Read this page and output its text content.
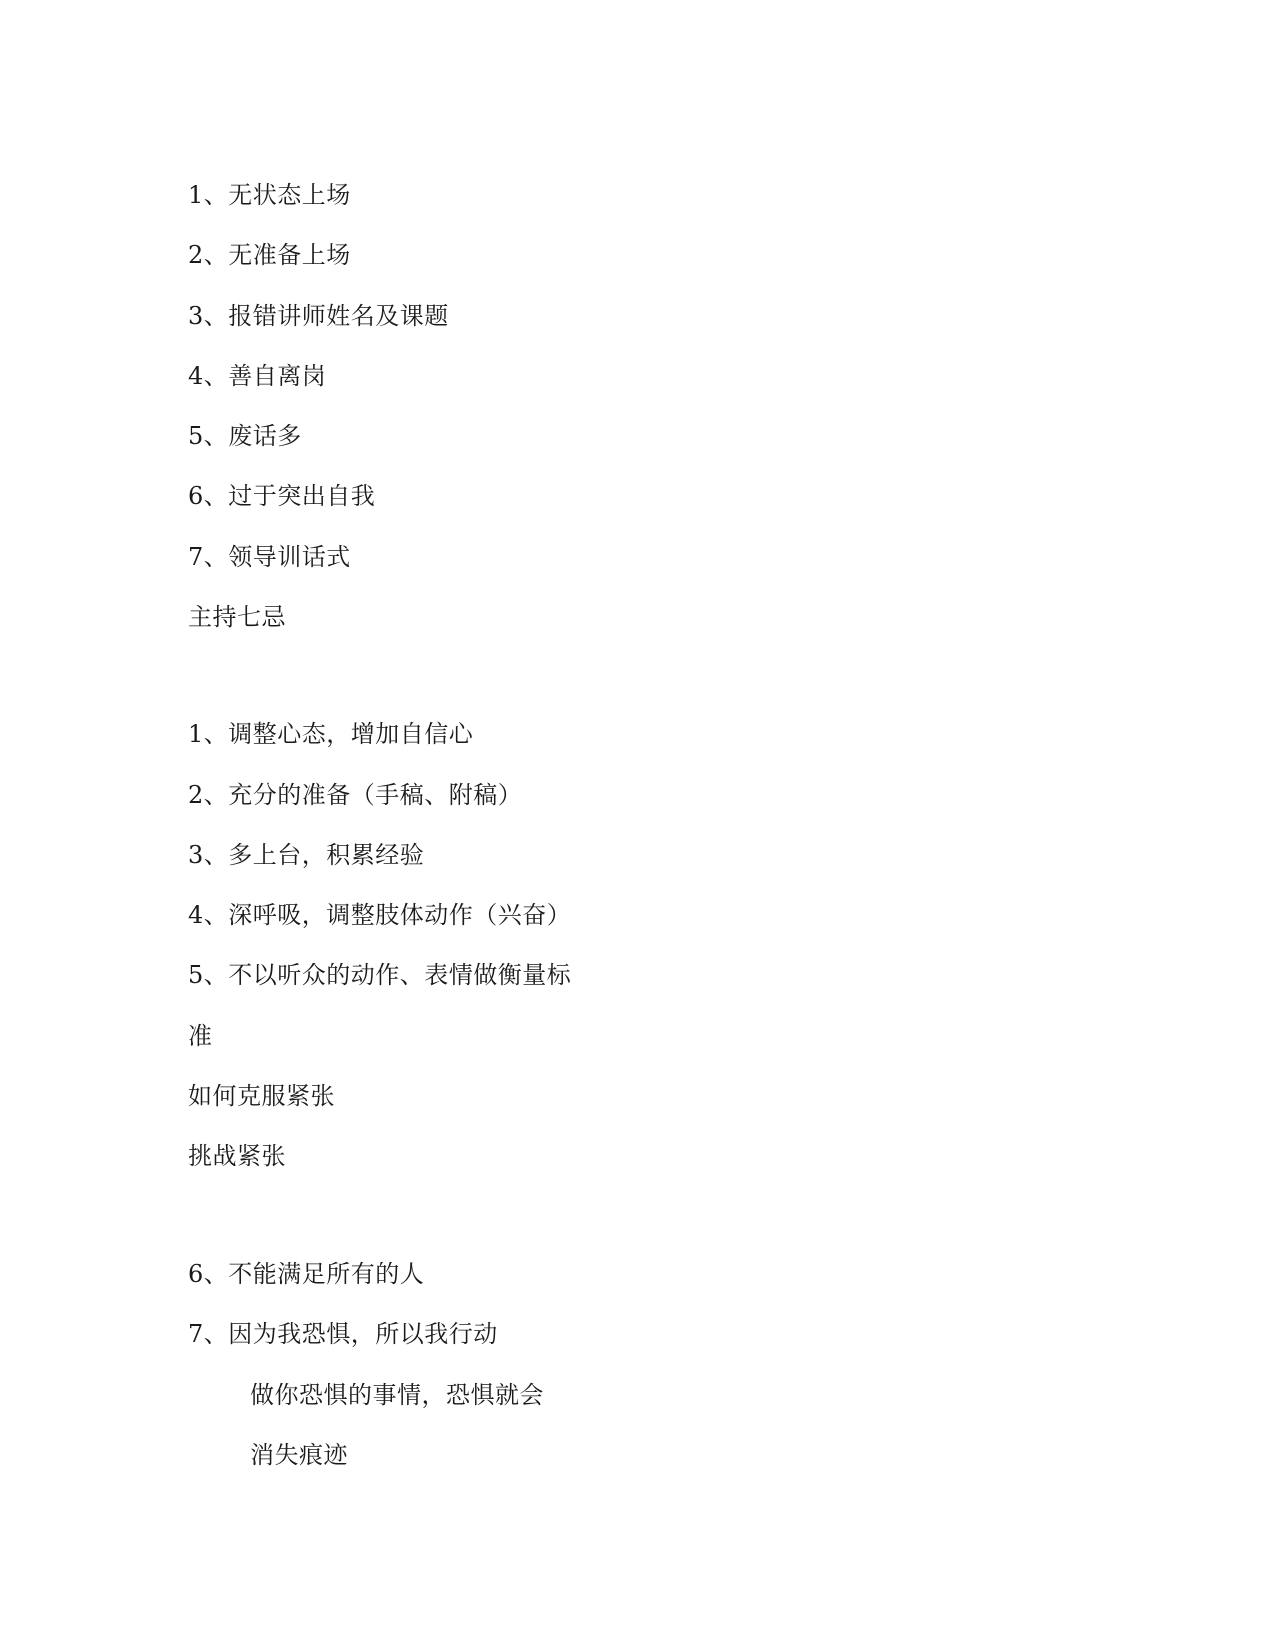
1、无状态上场
2、无准备上场
3、报错讲师姓名及课题
4、善自离岗
5、废话多
6、过于突出自我
7、领导训话式
主持七忌
1、调整心态，增加自信心
2、充分的准备（手稿、附稿）
3、多上台，积累经验
4、深呼吸，调整肢体动作（兴奋）
5、不以听众的动作、表情做衡量标
准
如何克服紧张
挑战紧张
6、不能满足所有的人
7、因为我恐惧，所以我行动
做你恐惧的事情，恐惧就会
消失痕迹
